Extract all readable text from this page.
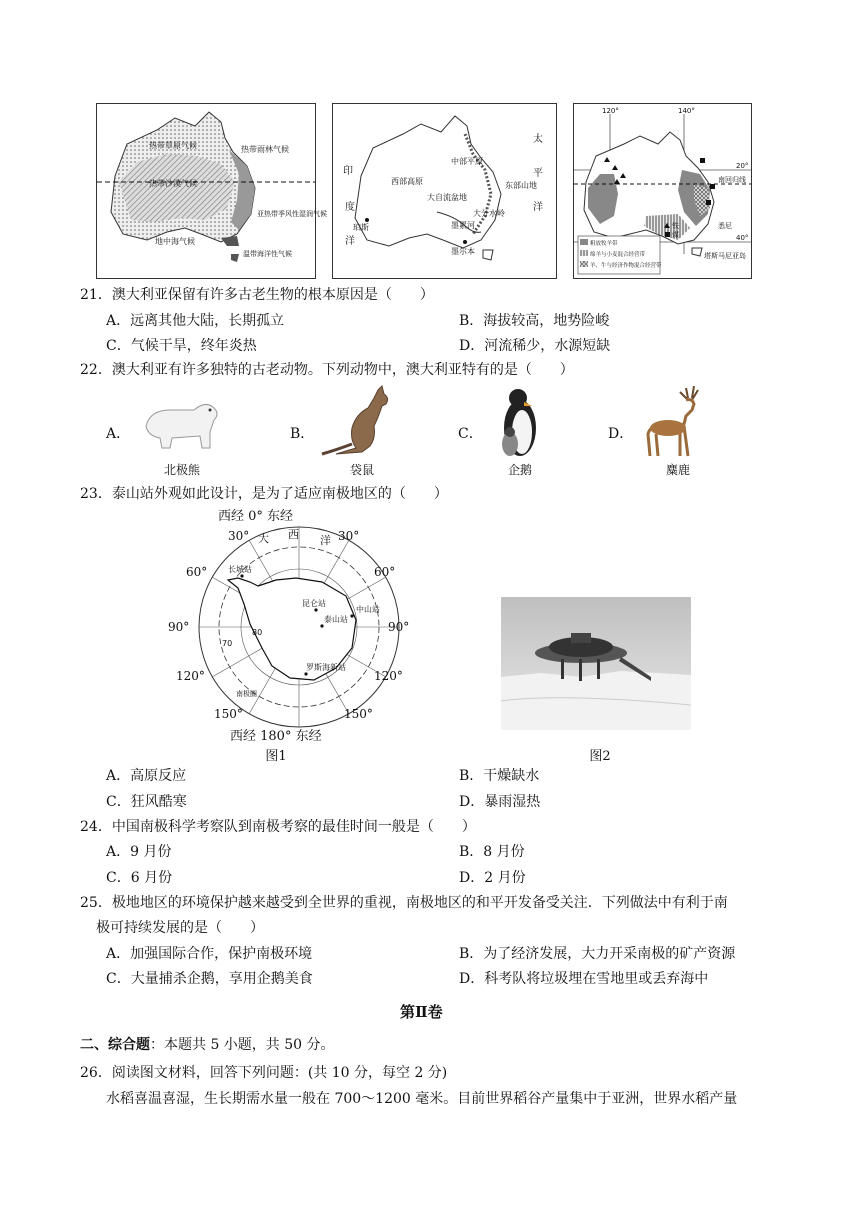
热带草原气候	热带雨林气候
热带沙漠气候
亚热带季风性湿润气候
地中海气候
温带海洋性气候
印
度
洋
太
平
洋
西部高原
大自流盆地
中部平原
东部山地
墨累河
珀斯
墨尔本
大分水岭
120°	140°
20°
40°
南回归线
悉尼
塔斯马尼亚岛
铁
煤
粗放牧羊带
绵羊与小麦混合经营带
羊、牛与经济作物混合经营带
21．澳大利亚保留有许多古老生物的根本原因是（　　）
A．远离其他大陆，长期孤立	B．海拔较高，地势险峻
C．气候干旱，终年炎热	D．河流稀少，水源短缺
22．澳大利亚有许多独特的古老动物。下列动物中，澳大利亚特有的是（　　）
A．
北极熊
B．
袋鼠
C．
企鹅
D．
麋鹿
23．泰山站外观如此设计，是为了适应南极地区的（　　）
西经 0° 东经
西经 180° 东经
30°	30°
60°	60°
90°	90°
120°	120°
150°	150°
80
70
大 西 洋
长城站
昆仑站
中山站
泰山站
罗斯海新站
南极圈
图1	图2
A．高原反应	B．干燥缺水
C．狂风酷寒	D．暴雨湿热
24．中国南极科学考察队到南极考察的最佳时间一般是（　　）
A．9 月份	B．8 月份
C．6 月份	D．2 月份
25．极地地区的环境保护越来越受到全世界的重视，南极地区的和平开发备受关注．下列做法中有利于南
极可持续发展的是（　　）
A．加强国际合作，保护南极环境	B．为了经济发展，大力开采南极的矿产资源
C．大量捕杀企鹅，享用企鹅美食	D．科考队将垃圾埋在雪地里或丢弃海中
第Ⅱ卷
二、综合题：本题共 5 小题，共 50 分。
26．阅读图文材料，回答下列问题：(共 10 分，每空 2 分)
水稻喜温喜湿，生长期需水量一般在 700～1200 毫米。目前世界稻谷产量集中于亚洲，世界水稻产量
